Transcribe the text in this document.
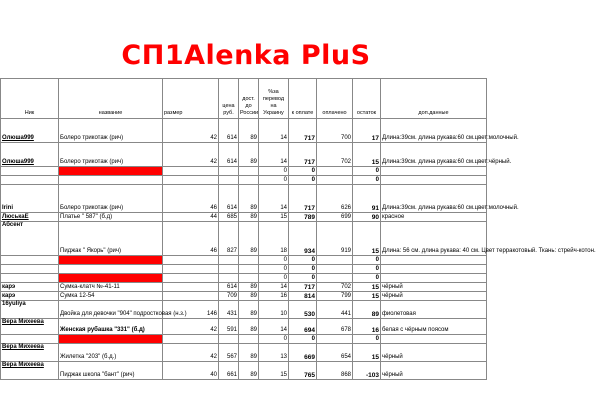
СП1Alenka PluS
Ник	название	размер	цена руб.	дост. до России	%за перевод на Украину	к оплате	оплачено	остаток	доп.данные
Олюша999	Болеро трикотаж (рич)	42	614	89	14	717	700	17	Длина:39см. длина рукава:60 см.цвет:молочный.
Олюша999	Болеро трикотаж (рич)	42	614	89	14	717	702	15	Длина:39см. длина рукава:60 см.цвет:чёрный.
					0	0		0	
					0	0		0	
Irini	Болеро трикотаж (рич)	46	614	89	14	717	626	91	Длина:39см. длина рукава:60 см.цвет:молочный.
ЛюськаЕ	Платье " 587" (б.д)	44	685	89	15	789	699	90	красное
Абсент	Пиджак " Якорь" (рич)	46	827	89	18	934	919	15	Длина: 56 см. длина рукава: 40 см. Цвет терракотовый. Ткань: стрейч-котон.
					0	0		0	
					0	0		0	
					0	0		0	
карэ	Сумка-клатч №-41-11		614	89	14	717	702	15	чёрный
карэ	Сумка 12-54		709	89	16	814	799	15	чёрный
16yuliya	Двойка для девочки "904" подростковая (н.з.)	146	431	89	10	530	441	89	фиолетовая
Вера Михеева	Женская рубашка "331" (б.д)	42	591	89	14	694	678	16	белая с чёрным поясом
					0	0		0	
Вера Михеева	Жилетка "203" (б.д.)	42	567	89	13	669	654	15	чёрный
Вера Михеева	Пиджак школа "бант" (рич)	40	661	89	15	765	868	-103	чёрный
